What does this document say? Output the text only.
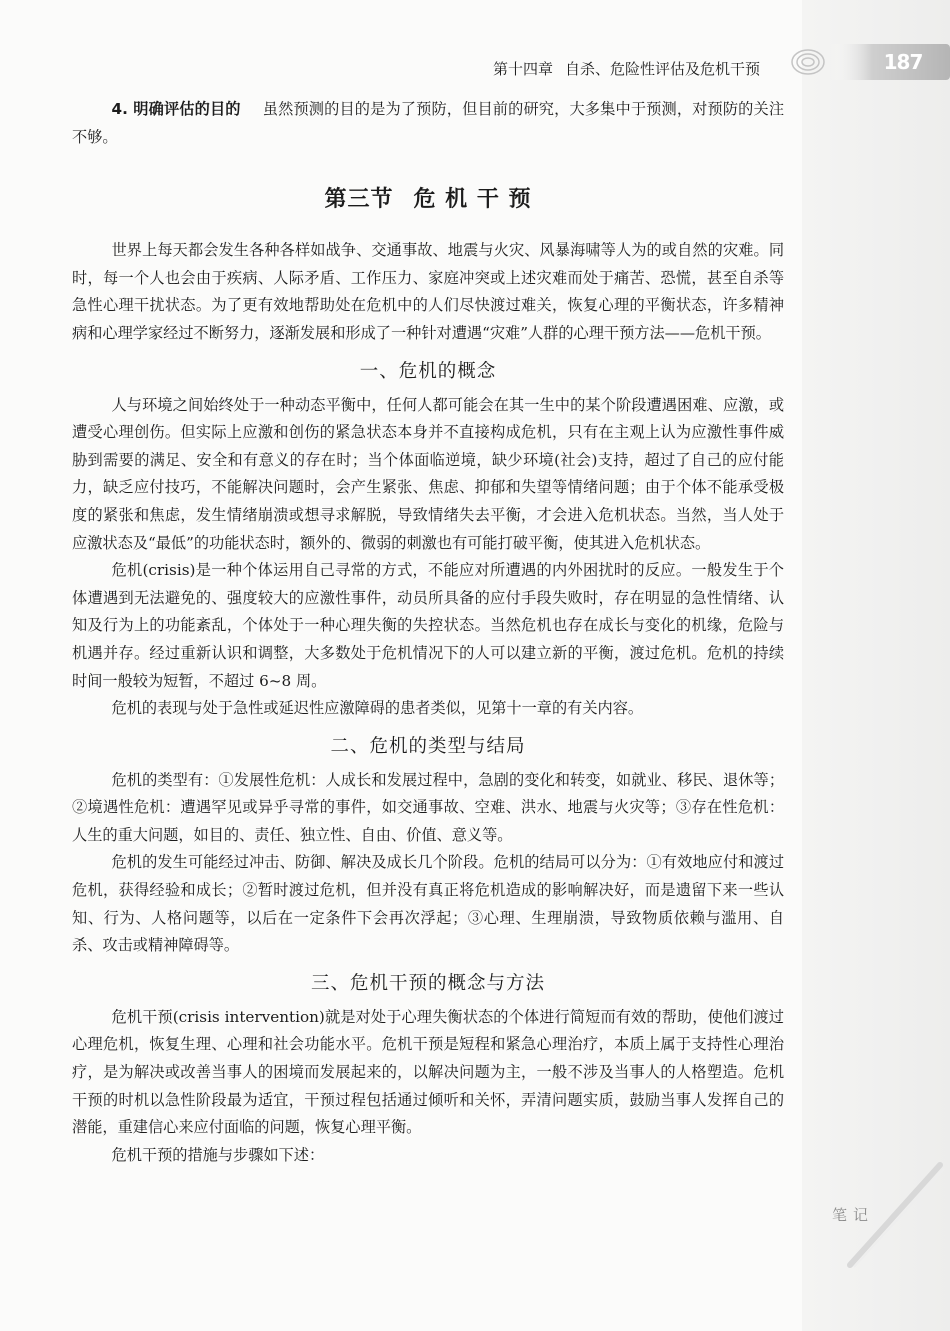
第十四章 自杀、危险性评估及危机干预	187

4. 明确评估的目的 虽然预测的目的是为了预防，但目前的研究，大多集中于预测，对预防的关注不够。

第三节 危 机 干 预

世界上每天都会发生各种各样如战争、交通事故、地震与火灾、风暴海啸等人为的或自然的灾难。同时，每一个人也会由于疾病、人际矛盾、工作压力、家庭冲突或上述灾难而处于痛苦、恐慌，甚至自杀等急性心理干扰状态。为了更有效地帮助处在危机中的人们尽快渡过难关，恢复心理的平衡状态，许多精神病和心理学家经过不断努力，逐渐发展和形成了一种针对遭遇“灾难”人群的心理干预方法——危机干预。

一、危机的概念

人与环境之间始终处于一种动态平衡中，任何人都可能会在其一生中的某个阶段遭遇困难、应激，或遭受心理创伤。但实际上应激和创伤的紧急状态本身并不直接构成危机，只有在主观上认为应激性事件威胁到需要的满足、安全和有意义的存在时；当个体面临逆境，缺少环境(社会)支持，超过了自己的应付能力，缺乏应付技巧，不能解决问题时，会产生紧张、焦虑、抑郁和失望等情绪问题；由于个体不能承受极度的紧张和焦虑，发生情绪崩溃或想寻求解脱，导致情绪失去平衡，才会进入危机状态。当然，当人处于应激状态及“最低”的功能状态时，额外的、微弱的刺激也有可能打破平衡，使其进入危机状态。

危机(crisis)是一种个体运用自己寻常的方式，不能应对所遭遇的内外困扰时的反应。一般发生于个体遭遇到无法避免的、强度较大的应激性事件，动员所具备的应付手段失败时，存在明显的急性情绪、认知及行为上的功能紊乱，个体处于一种心理失衡的失控状态。当然危机也存在成长与变化的机缘，危险与机遇并存。经过重新认识和调整，大多数处于危机情况下的人可以建立新的平衡，渡过危机。危机的持续时间一般较为短暂，不超过 6~8 周。

危机的表现与处于急性或延迟性应激障碍的患者类似，见第十一章的有关内容。

二、危机的类型与结局

危机的类型有：①发展性危机：人成长和发展过程中，急剧的变化和转变，如就业、移民、退休等；②境遇性危机：遭遇罕见或异乎寻常的事件，如交通事故、空难、洪水、地震与火灾等；③存在性危机：人生的重大问题，如目的、责任、独立性、自由、价值、意义等。

危机的发生可能经过冲击、防御、解决及成长几个阶段。危机的结局可以分为：①有效地应付和渡过危机，获得经验和成长；②暂时渡过危机，但并没有真正将危机造成的影响解决好，而是遗留下来一些认知、行为、人格问题等，以后在一定条件下会再次浮起；③心理、生理崩溃，导致物质依赖与滥用、自杀、攻击或精神障碍等。

三、危机干预的概念与方法

危机干预(crisis intervention)就是对处于心理失衡状态的个体进行简短而有效的帮助，使他们渡过心理危机，恢复生理、心理和社会功能水平。危机干预是短程和紧急心理治疗，本质上属于支持性心理治疗，是为解决或改善当事人的困境而发展起来的，以解决问题为主，一般不涉及当事人的人格塑造。危机干预的时机以急性阶段最为适宜，干预过程包括通过倾听和关怀，弄清问题实质，鼓励当事人发挥自己的潜能，重建信心来应付面临的问题，恢复心理平衡。

危机干预的措施与步骤如下述：

笔记
